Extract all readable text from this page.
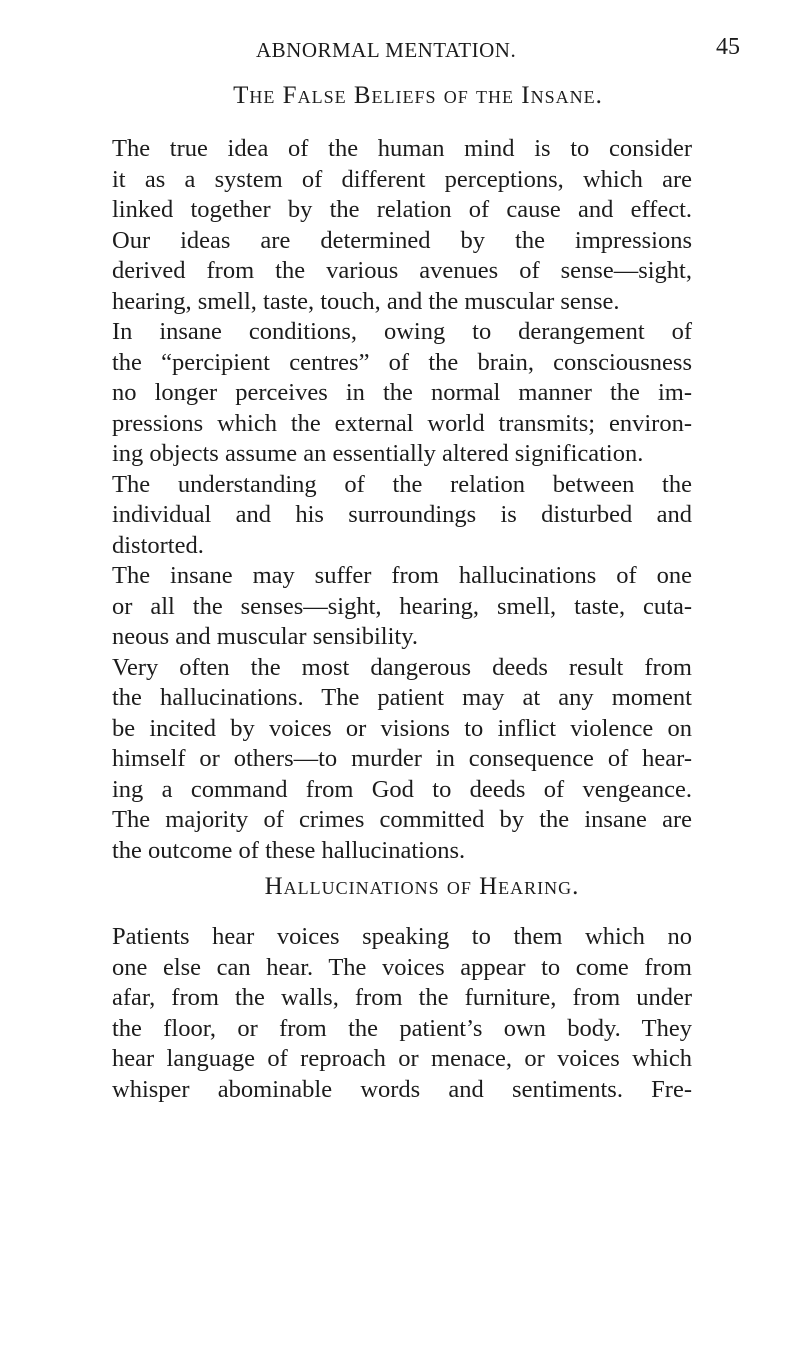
ABNORMAL MENTATION.	45
The False Beliefs of the Insane.
The true idea of the human mind is to consider
it as a system of different perceptions, which are
linked together by the relation of cause and effect.
Our ideas are determined by the impressions
derived from the various avenues of sense—sight,
hearing, smell, taste, touch, and the muscular sense.
In insane conditions, owing to derangement of
the “percipient centres” of the brain, consciousness
no longer perceives in the normal manner the im-
pressions which the external world transmits; environ-
ing objects assume an essentially altered signification.
The understanding of the relation between the
individual and his surroundings is disturbed and
distorted.
The insane may suffer from hallucinations of one
or all the senses—sight, hearing, smell, taste, cuta-
neous and muscular sensibility.
Very often the most dangerous deeds result from
the hallucinations. The patient may at any moment
be incited by voices or visions to inflict violence on
himself or others—to murder in consequence of hear-
ing a command from God to deeds of vengeance.
The majority of crimes committed by the insane are
the outcome of these hallucinations.
Hallucinations of Hearing.
Patients hear voices speaking to them which no
one else can hear. The voices appear to come from
afar, from the walls, from the furniture, from under
the floor, or from the patient’s own body. They
hear language of reproach or menace, or voices which
whisper abominable words and sentiments. Fre-
